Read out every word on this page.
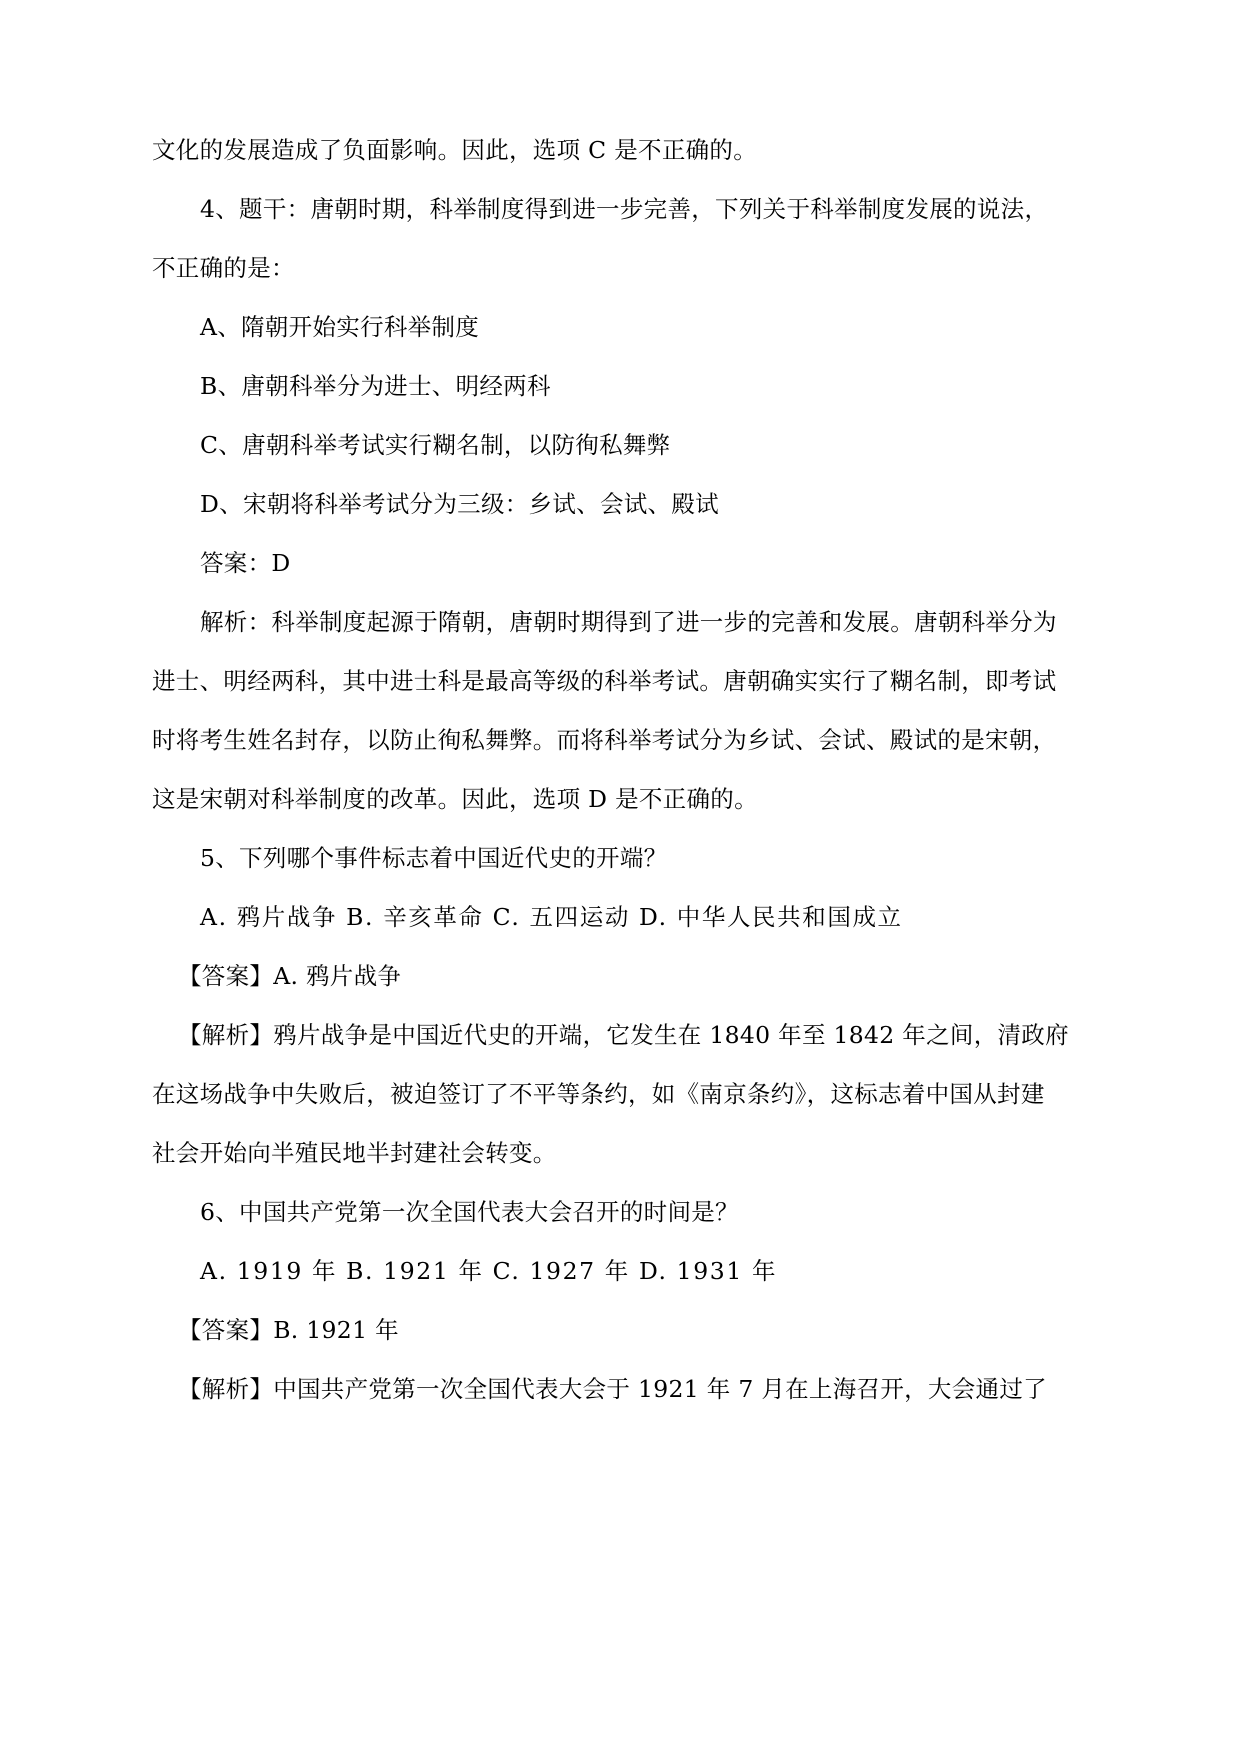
文化的发展造成了负面影响。因此，选项 C 是不正确的。
4、题干：唐朝时期，科举制度得到进一步完善，下列关于科举制度发展的说法，
不正确的是：
A、隋朝开始实行科举制度
B、唐朝科举分为进士、明经两科
C、唐朝科举考试实行糊名制，以防徇私舞弊
D、宋朝将科举考试分为三级：乡试、会试、殿试
答案：D
解析：科举制度起源于隋朝，唐朝时期得到了进一步的完善和发展。唐朝科举分为
进士、明经两科，其中进士科是最高等级的科举考试。唐朝确实实行了糊名制，即考试
时将考生姓名封存，以防止徇私舞弊。而将科举考试分为乡试、会试、殿试的是宋朝，
这是宋朝对科举制度的改革。因此，选项 D 是不正确的。
5、下列哪个事件标志着中国近代史的开端？
A. 鸦片战争 B. 辛亥革命 C. 五四运动 D. 中华人民共和国成立
【答案】A. 鸦片战争
【解析】鸦片战争是中国近代史的开端，它发生在 1840 年至 1842 年之间，清政府
在这场战争中失败后，被迫签订了不平等条约，如《南京条约》，这标志着中国从封建
社会开始向半殖民地半封建社会转变。
6、中国共产党第一次全国代表大会召开的时间是？
A. 1919 年 B. 1921 年 C. 1927 年 D. 1931 年
【答案】B. 1921 年
【解析】中国共产党第一次全国代表大会于 1921 年 7 月在上海召开，大会通过了
